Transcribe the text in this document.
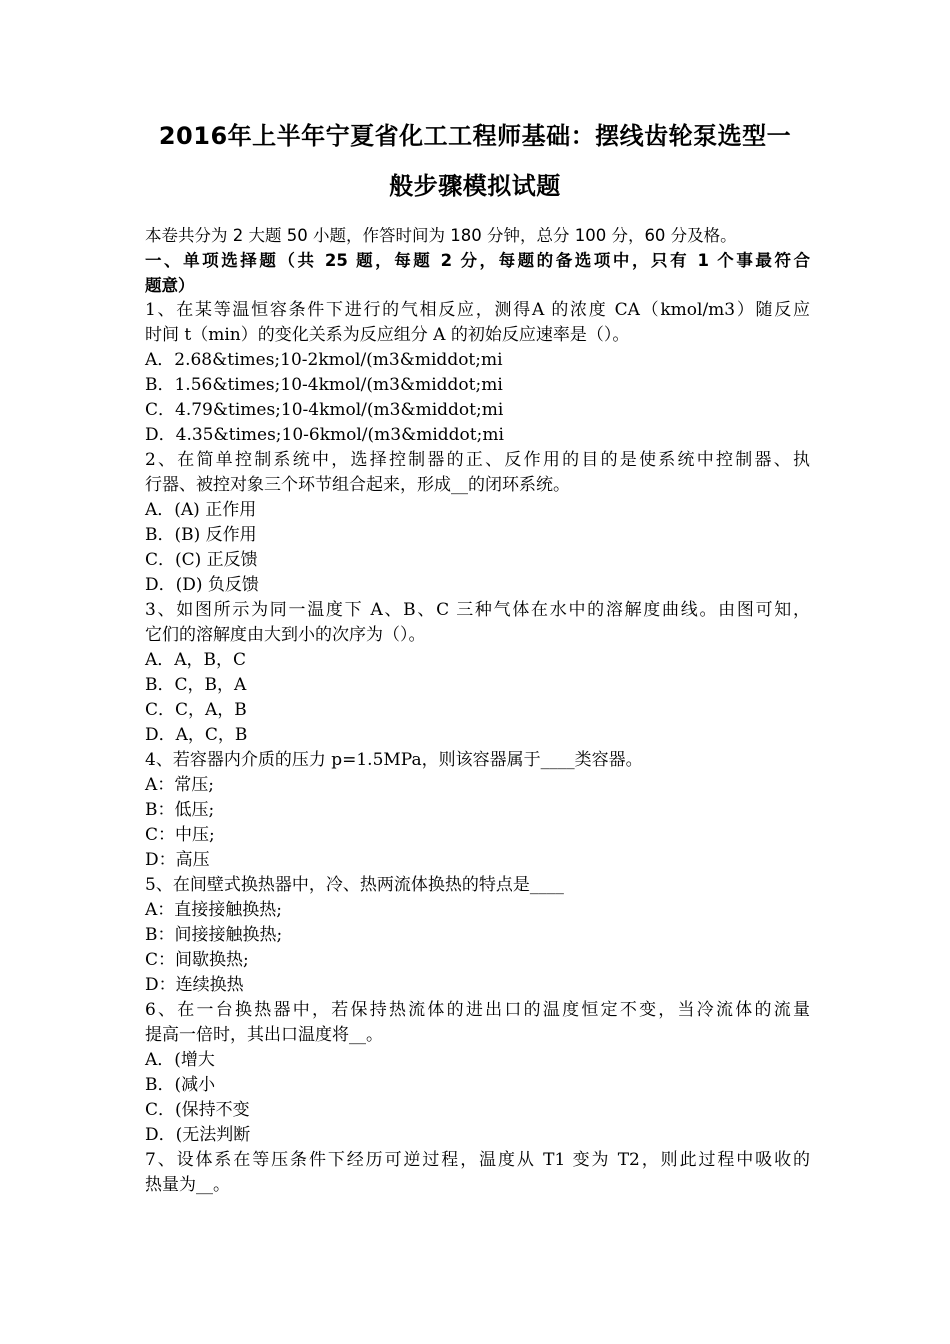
2016年上半年宁夏省化工工程师基础：摆线齿轮泵选型一
般步骤模拟试题
本卷共分为 2 大题 50 小题，作答时间为 180 分钟，总分 100 分，60 分及格。
一、单项选择题（共 25 题，每题 2 分，每题的备选项中，只有 1 个事最符合
题意）
1、在某等温恒容条件下进行的气相反应，测得A 的浓度 CA（kmol/m3）随反应
时间 t（min）的变化关系为反应组分 A 的初始反应速率是（）。
A．2.68&times;10-2kmol/(m3&middot;mi
B．1.56&times;10-4kmol/(m3&middot;mi
C．4.79&times;10-4kmol/(m3&middot;mi
D．4.35&times;10-6kmol/(m3&middot;mi
2、在简单控制系统中，选择控制器的正、反作用的目的是使系统中控制器、执
行器、被控对象三个环节组合起来，形成__的闭环系统。
A．(A) 正作用
B．(B) 反作用
C．(C) 正反馈
D．(D) 负反馈
3、如图所示为同一温度下 A、B、C 三种气体在水中的溶解度曲线。由图可知，
它们的溶解度由大到小的次序为（）。
A．A，B，C
B．C，B，A
C．C，A，B
D．A，C，B
4、若容器内介质的压力 p=1.5MPa，则该容器属于____类容器。
A：常压;
B：低压;
C：中压;
D：高压
5、在间壁式换热器中，冷、热两流体换热的特点是____
A：直接接触换热;
B：间接接触换热;
C：间歇换热;
D：连续换热
6、在一台换热器中，若保持热流体的进出口的温度恒定不变，当冷流体的流量
提高一倍时，其出口温度将__。
A．(增大
B．(减小
C．(保持不变
D．(无法判断
7、设体系在等压条件下经历可逆过程，温度从 T1 变为 T2，则此过程中吸收的
热量为__。
